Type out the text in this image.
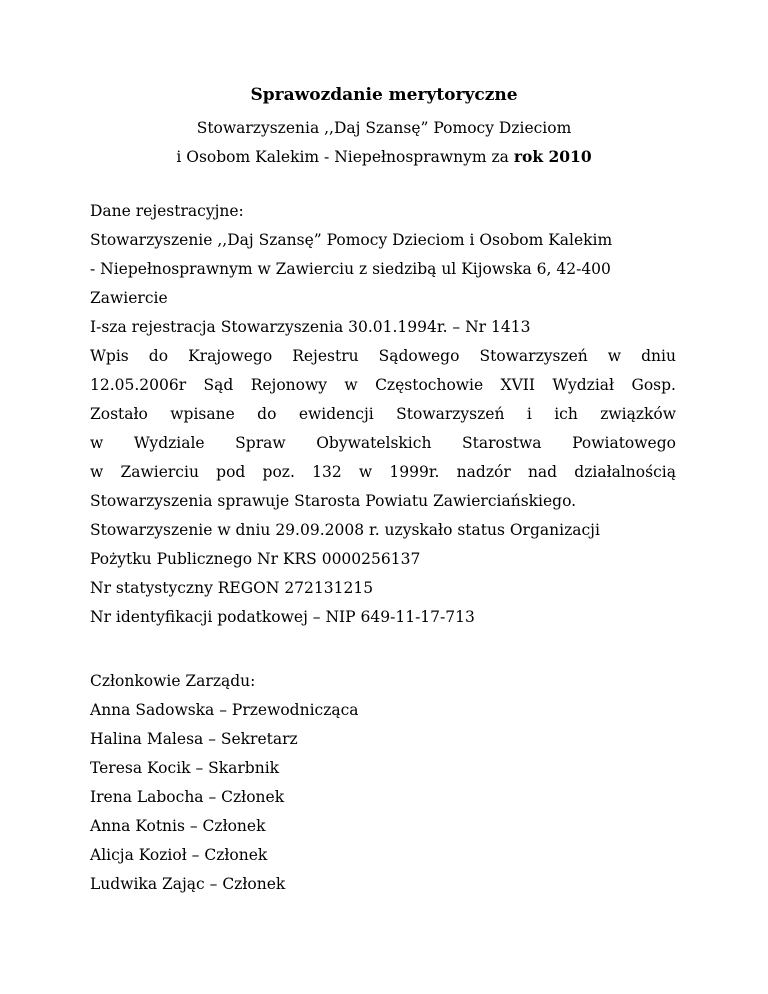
Sprawozdanie merytoryczne

Stowarzyszenia ,,Daj Szansę” Pomocy Dzieciom

i Osobom Kalekim - Niepełnosprawnym za rok 2010

Dane rejestracyjne:
Stowarzyszenie ,,Daj Szansę” Pomocy Dzieciom i Osobom Kalekim
- Niepełnosprawnym w Zawierciu z siedzibą ul Kijowska 6, 42-400
Zawiercie
I-sza rejestracja Stowarzyszenia 30.01.1994r. – Nr 1413
Wpis do Krajowego Rejestru Sądowego Stowarzyszeń w dniu
12.05.2006r Sąd Rejonowy w Częstochowie XVII Wydział Gosp.
Zostało wpisane do ewidencji Stowarzyszeń i ich związków
w Wydziale Spraw Obywatelskich Starostwa Powiatowego
w Zawierciu pod poz. 132 w 1999r. nadzór nad działalnością
Stowarzyszenia sprawuje Starosta Powiatu Zawierciańskiego.
Stowarzyszenie w dniu 29.09.2008 r. uzyskało status Organizacji
Pożytku Publicznego Nr KRS 0000256137
Nr statystyczny REGON 272131215
Nr identyfikacji podatkowej – NIP 649-11-17-713
Członkowie Zarządu:
Anna Sadowska – Przewodnicząca
Halina Malesa – Sekretarz
Teresa Kocik – Skarbnik
Irena Labocha – Członek
Anna Kotnis – Członek
Alicja Kozioł – Członek
Ludwika Zając – Członek
